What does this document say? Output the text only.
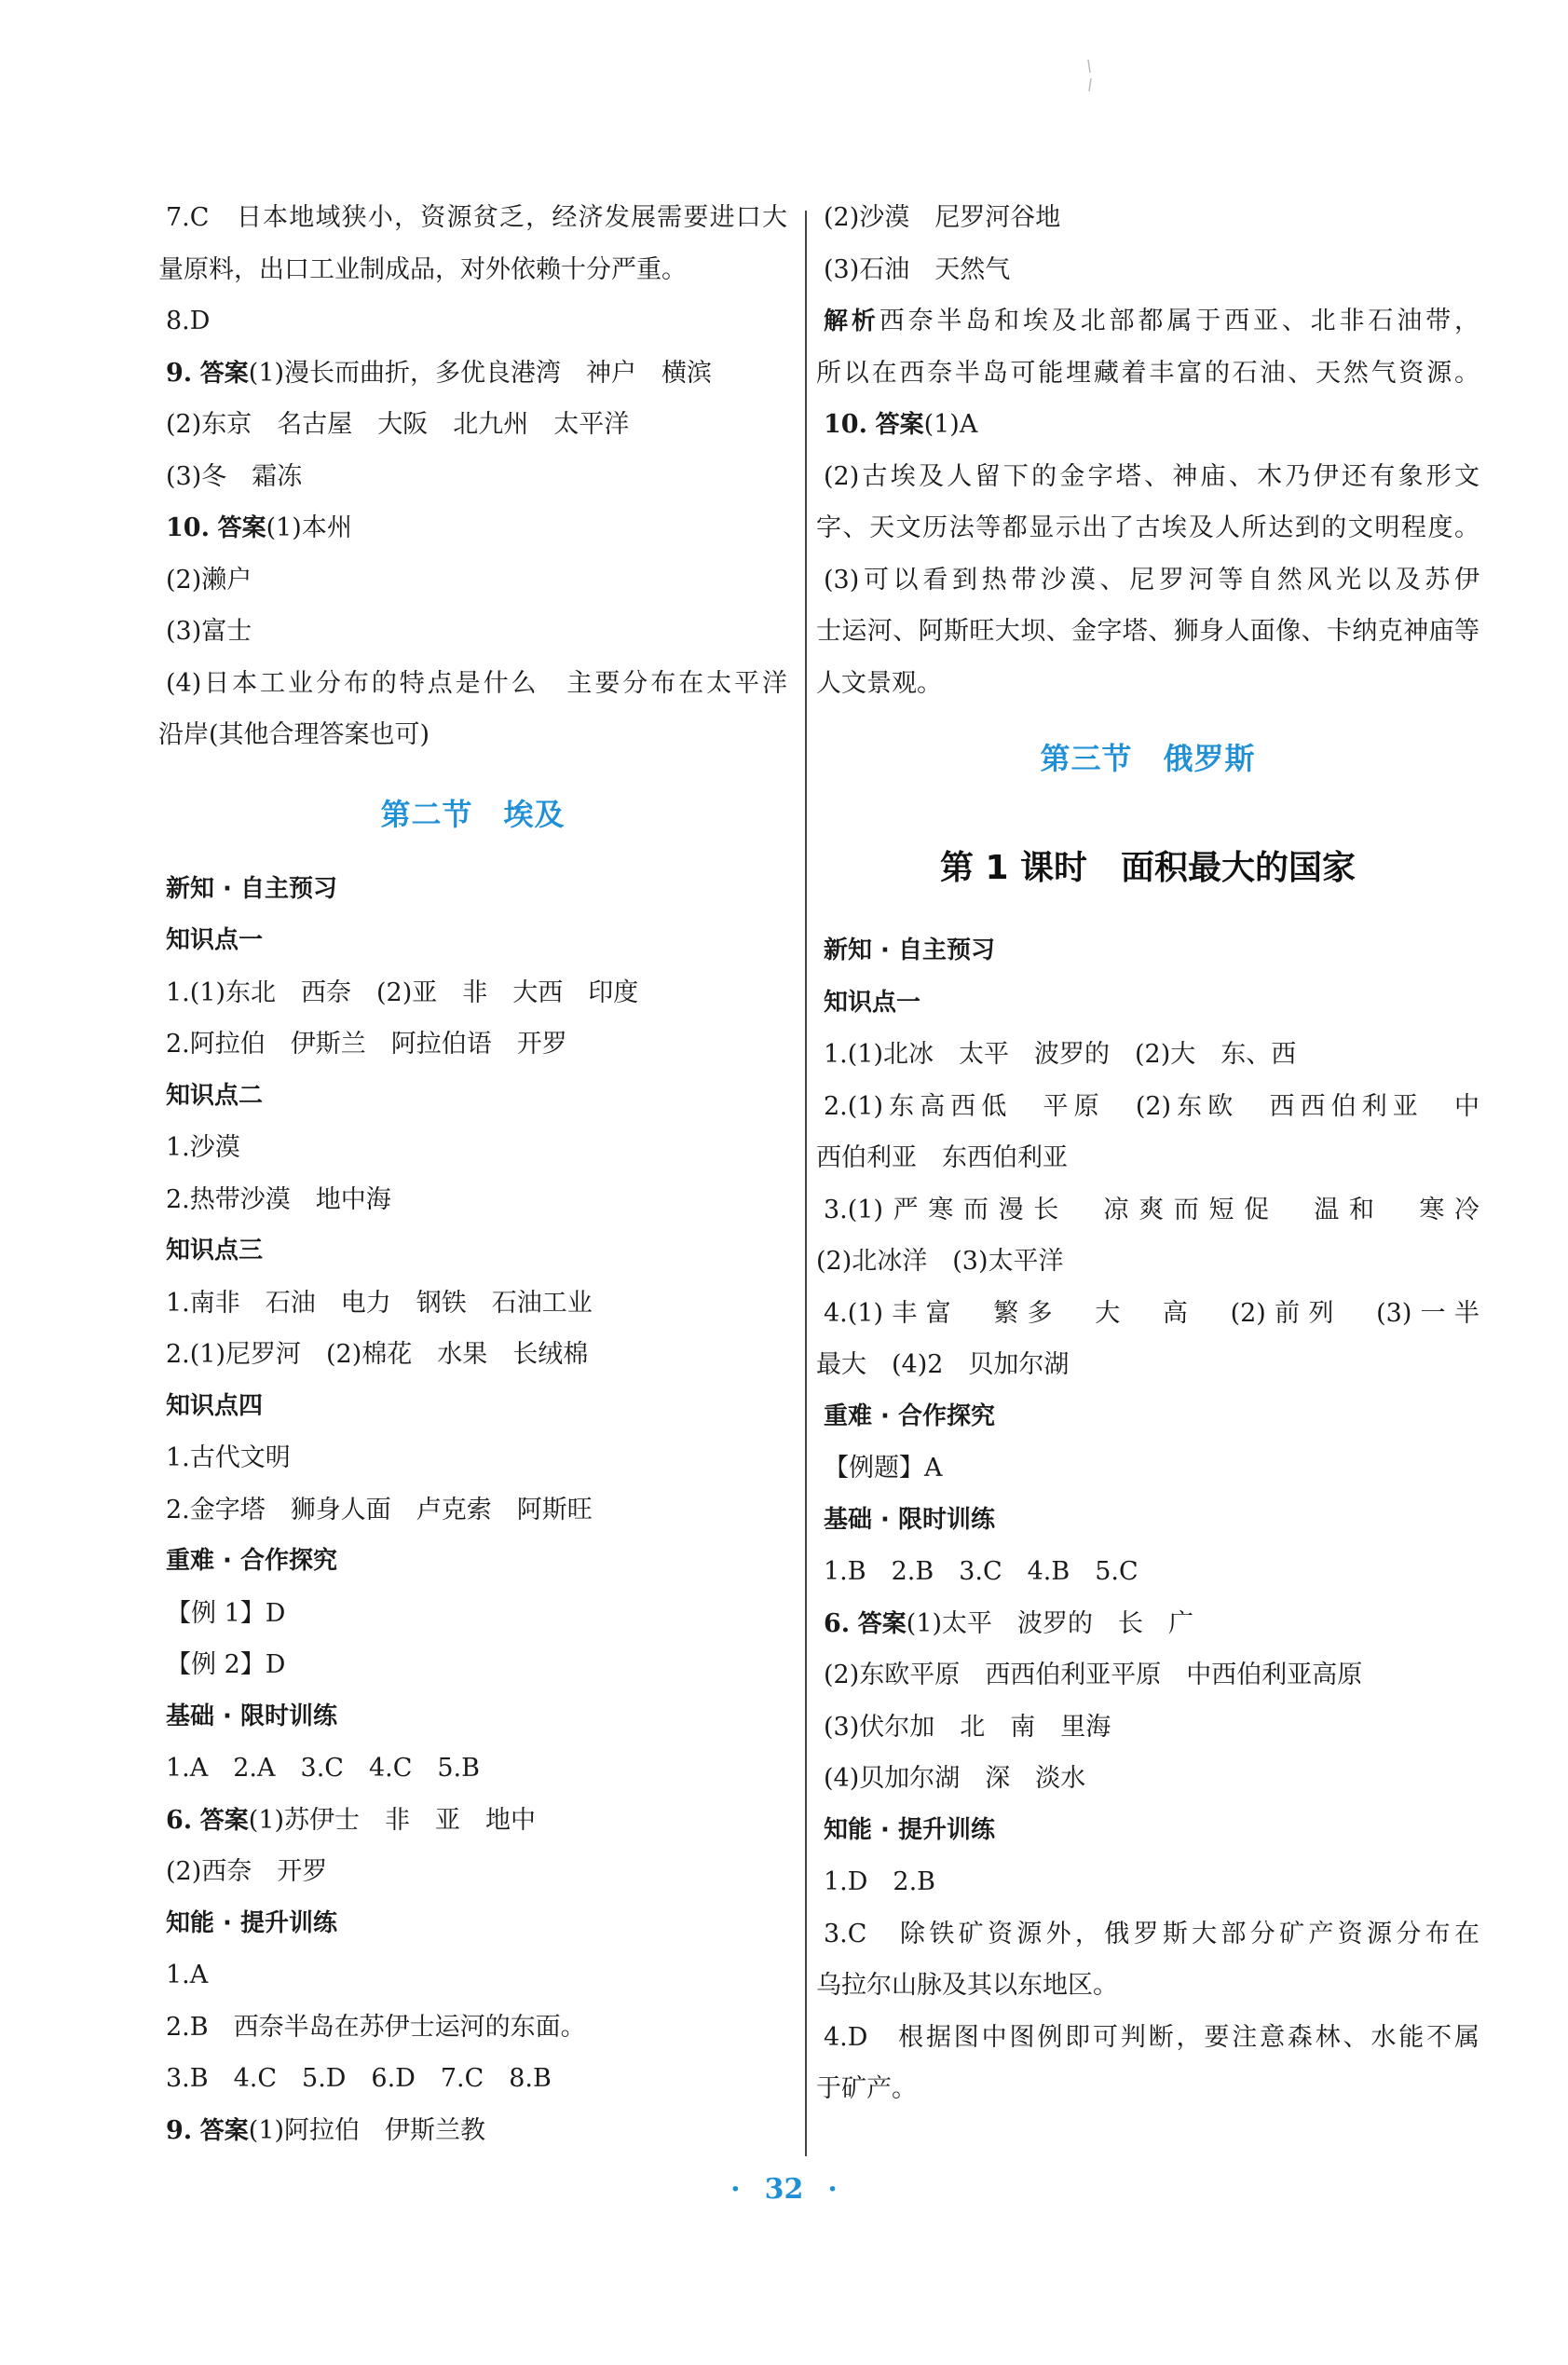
7.C　日本地域狭小，资源贫乏，经济发展需要进口大
量原料，出口工业制成品，对外依赖十分严重。
8.D
9. 答案(1)漫长而曲折，多优良港湾　神户　横滨
(2)东京　名古屋　大阪　北九州　太平洋
(3)冬　霜冻
10. 答案(1)本州
(2)濑户
(3)富士
(4)日本工业分布的特点是什么　主要分布在太平洋
沿岸(其他合理答案也可)
第二节　埃及
新知 · 自主预习
知识点一
1.(1)东北　西奈　(2)亚　非　大西　印度
2.阿拉伯　伊斯兰　阿拉伯语　开罗
知识点二
1.沙漠
2.热带沙漠　地中海
知识点三
1.南非　石油　电力　钢铁　石油工业
2.(1)尼罗河　(2)棉花　水果　长绒棉
知识点四
1.古代文明
2.金字塔　狮身人面　卢克索　阿斯旺
重难 · 合作探究
【例 1】D
【例 2】D
基础 · 限时训练
1.A　2.A　3.C　4.C　5.B
6. 答案(1)苏伊士　非　亚　地中
(2)西奈　开罗
知能 · 提升训练
1.A
2.B　西奈半岛在苏伊士运河的东面。
3.B　4.C　5.D　6.D　7.C　8.B
9. 答案(1)阿拉伯　伊斯兰教
(2)沙漠　尼罗河谷地
(3)石油　天然气
解析西奈半岛和埃及北部都属于西亚、北非石油带，
所以在西奈半岛可能埋藏着丰富的石油、天然气资源。
10. 答案(1)A
(2)古埃及人留下的金字塔、神庙、木乃伊还有象形文
字、天文历法等都显示出了古埃及人所达到的文明程度。
(3)可以看到热带沙漠、尼罗河等自然风光以及苏伊
士运河、阿斯旺大坝、金字塔、狮身人面像、卡纳克神庙等
人文景观。
第三节　俄罗斯
第 1 课时　面积最大的国家
新知 · 自主预习
知识点一
1.(1)北冰　太平　波罗的　(2)大　东、西
2.(1)东高西低　平原　(2)东欧　西西伯利亚　中
西伯利亚　东西伯利亚
3.(1)严寒而漫长　凉爽而短促　温和　寒冷
(2)北冰洋　(3)太平洋
4.(1)丰富　繁多　大　高　(2)前列　(3)一半
最大　(4)2　贝加尔湖
重难 · 合作探究
【例题】A
基础 · 限时训练
1.B　2.B　3.C　4.B　5.C
6. 答案(1)太平　波罗的　长　广
(2)东欧平原　西西伯利亚平原　中西伯利亚高原
(3)伏尔加　北　南　里海
(4)贝加尔湖　深　淡水
知能 · 提升训练
1.D　2.B
3.C　除铁矿资源外，俄罗斯大部分矿产资源分布在
乌拉尔山脉及其以东地区。
4.D　根据图中图例即可判断，要注意森林、水能不属
于矿产。
· 32 ·
